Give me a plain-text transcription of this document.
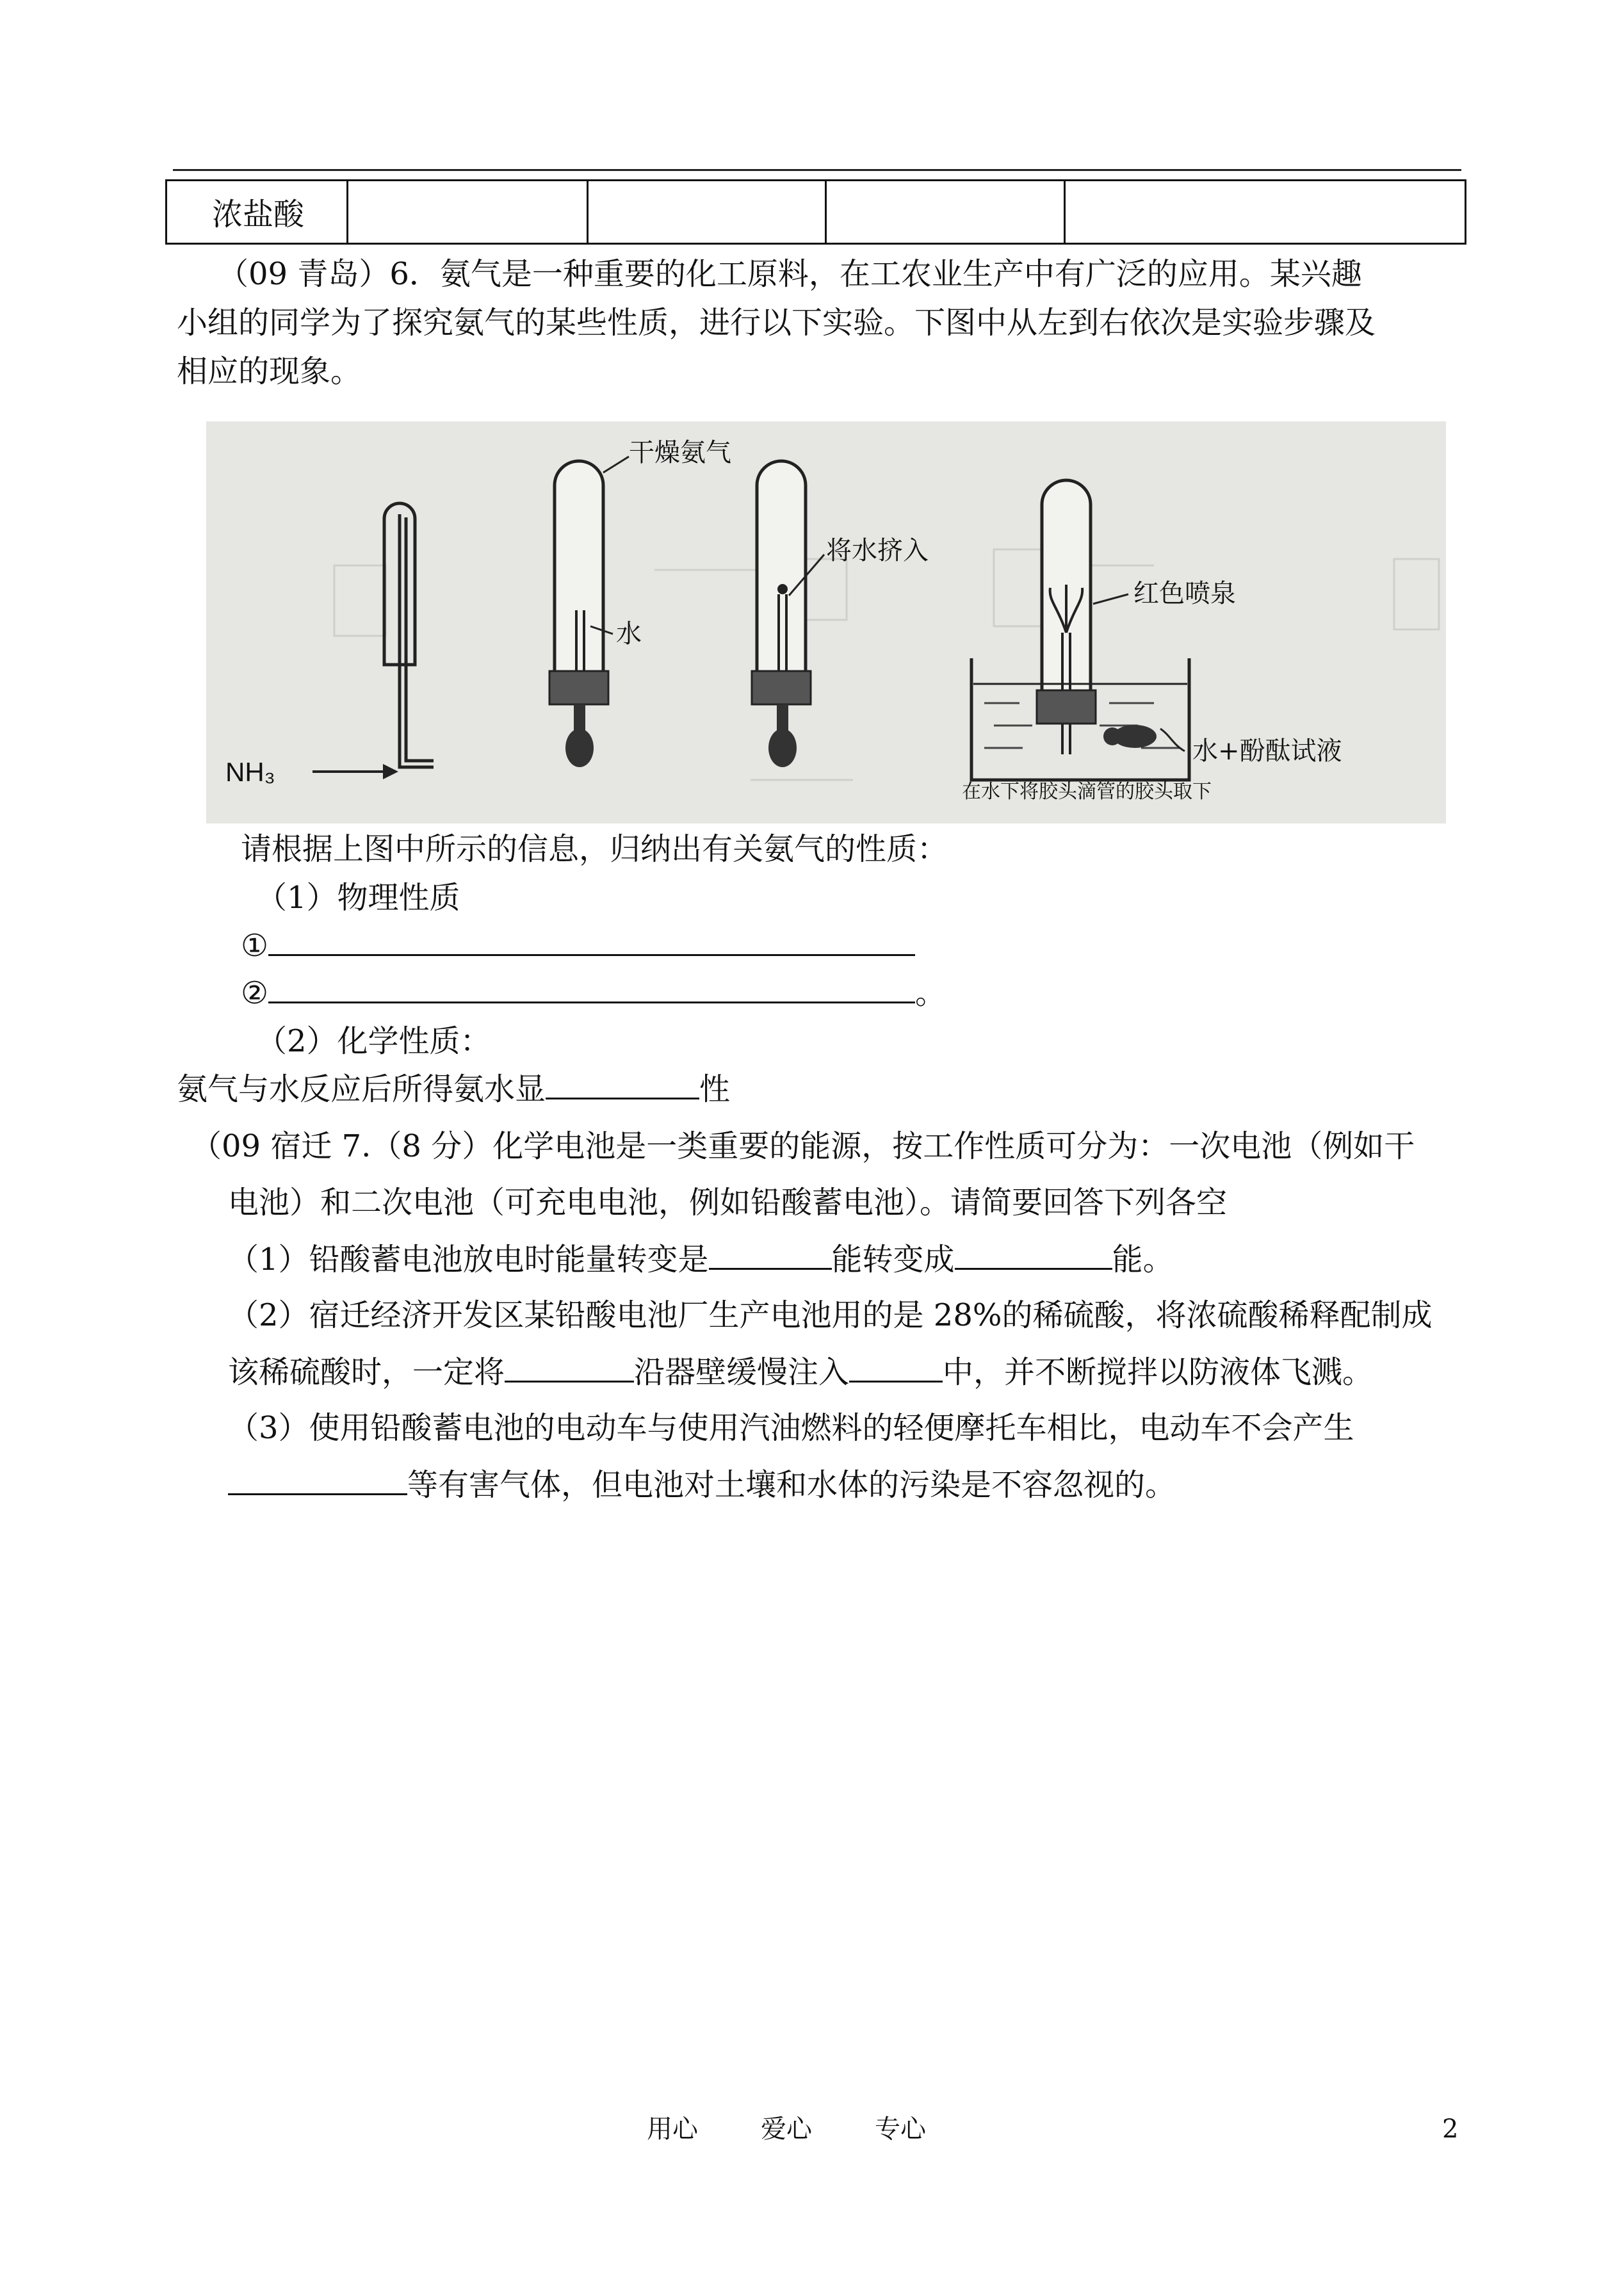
浓盐酸
（09 青岛）6．氨气是一种重要的化工原料，在工农业生产中有广泛的应用。某兴趣
小组的同学为了探究氨气的某些性质，进行以下实验。下图中从左到右依次是实验步骤及
相应的现象。
NH₃
干燥氨气
水
将水挤入
红色喷泉
水+酚酞试液
在水下将胶头滴管的胶头取下
请根据上图中所示的信息，归纳出有关氨气的性质：
（1）物理性质
①
②	。
（2）化学性质：
氨气与水反应后所得氨水显	性
（09 宿迁 7.（8 分）化学电池是一类重要的能源，按工作性质可分为：一次电池（例如干
电池）和二次电池（可充电电池，例如铅酸蓄电池）。请简要回答下列各空
（1）铅酸蓄电池放电时能量转变是	能转变成	能。
（2）宿迁经济开发区某铅酸电池厂生产电池用的是 28%的稀硫酸，将浓硫酸稀释配制成
该稀硫酸时，一定将	沿器壁缓慢注入	中，并不断搅拌以防液体飞溅。
（3）使用铅酸蓄电池的电动车与使用汽油燃料的轻便摩托车相比，电动车不会产生
等有害气体，但电池对土壤和水体的污染是不容忽视的。
用心 爱心 专心	2
